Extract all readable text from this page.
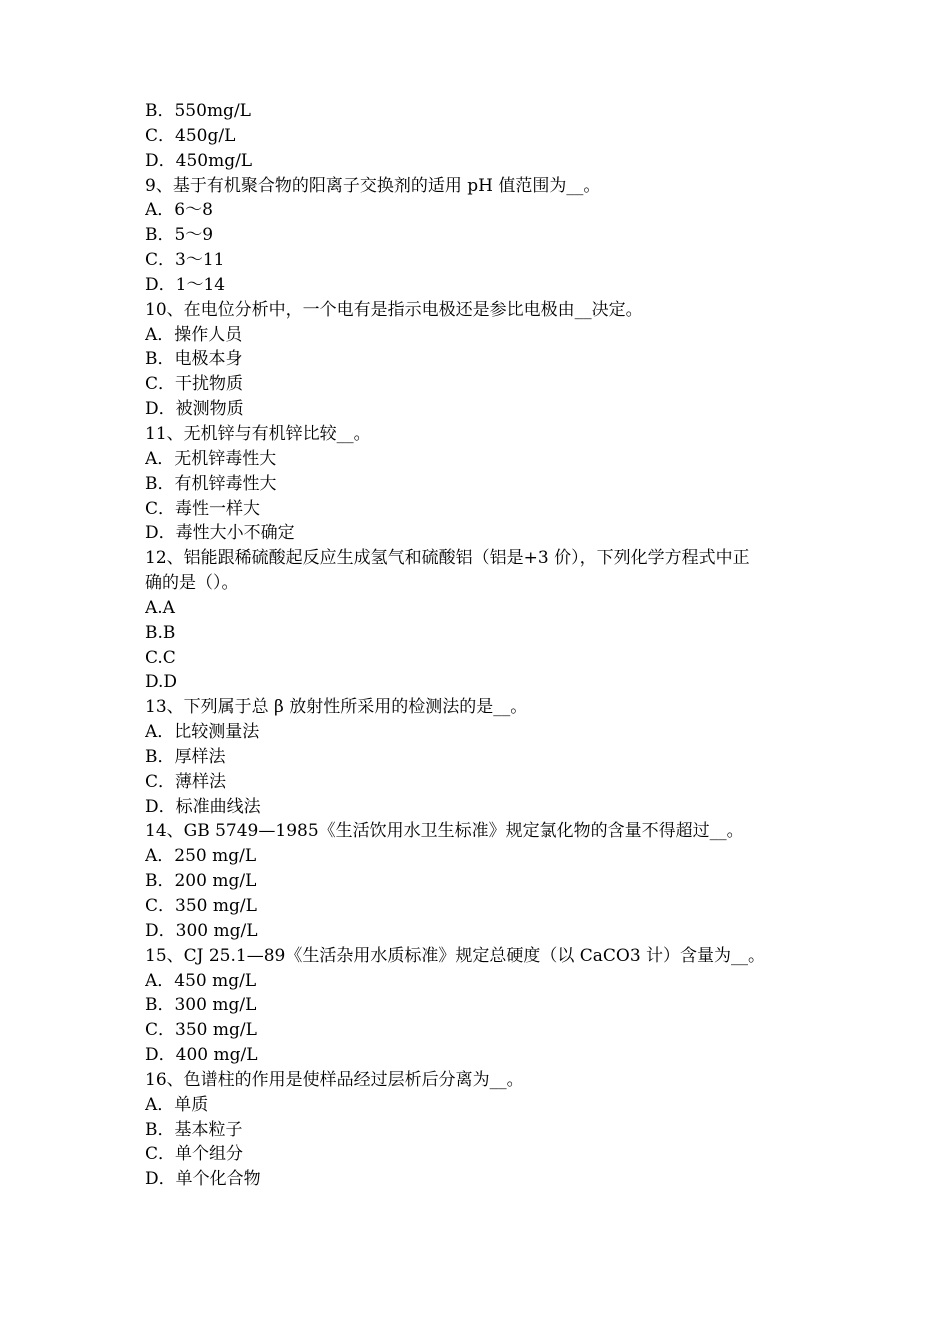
B．550mg/L
C．450g/L
D．450mg/L
9、基于有机聚合物的阳离子交换剂的适用 pH 值范围为__。
A．6～8
B．5～9
C．3～11
D．1～14
10、在电位分析中，一个电有是指示电极还是参比电极由__决定。
A．操作人员
B．电极本身
C．干扰物质
D．被测物质
11、无机锌与有机锌比较__。
A．无机锌毒性大
B．有机锌毒性大
C．毒性一样大
D．毒性大小不确定
12、铝能跟稀硫酸起反应生成氢气和硫酸铝（铝是+3 价），下列化学方程式中正
确的是（）。
A.A
B.B
C.C
D.D
13、下列属于总 β 放射性所采用的检测法的是__。
A．比较测量法
B．厚样法
C．薄样法
D．标准曲线法
14、GB 5749—1985《生活饮用水卫生标准》规定氯化物的含量不得超过__。
A．250 mg/L
B．200 mg/L
C．350 mg/L
D．300 mg/L
15、CJ 25.1—89《生活杂用水质标准》规定总硬度（以 CaCO3 计）含量为__。
A．450 mg/L
B．300 mg/L
C．350 mg/L
D．400 mg/L
16、色谱柱的作用是使样品经过层析后分离为__。
A．单质
B．基本粒子
C．单个组分
D．单个化合物
